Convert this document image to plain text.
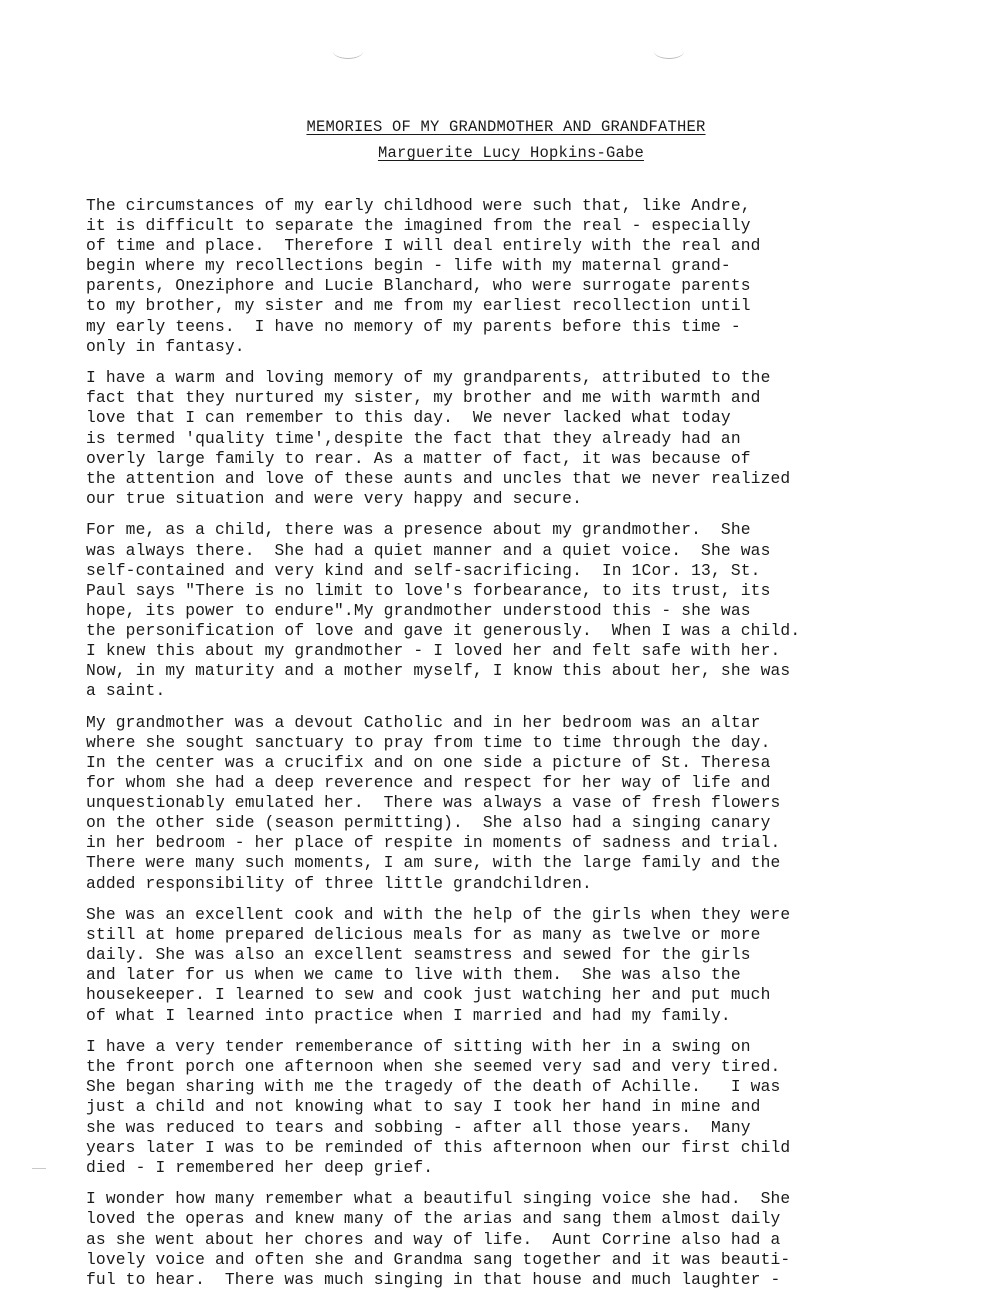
MEMORIES OF MY GRANDMOTHER AND GRANDFATHER
Marguerite Lucy Hopkins-Gabe
The circumstances of my early childhood were such that, like Andre,
it is difficult to separate the imagined from the real - especially
of time and place.  Therefore I will deal entirely with the real and
begin where my recollections begin - life with my maternal grand-
parents, Oneziphore and Lucie Blanchard, who were surrogate parents
to my brother, my sister and me from my earliest recollection until
my early teens.  I have no memory of my parents before this time -
only in fantasy.
I have a warm and loving memory of my grandparents, attributed to the
fact that they nurtured my sister, my brother and me with warmth and
love that I can remember to this day.  We never lacked what today
is termed 'quality time',despite the fact that they already had an
overly large family to rear. As a matter of fact, it was because of
the attention and love of these aunts and uncles that we never realized
our true situation and were very happy and secure.
For me, as a child, there was a presence about my grandmother.  She
was always there.  She had a quiet manner and a quiet voice.  She was
self-contained and very kind and self-sacrificing.  In 1Cor. 13, St.
Paul says "There is no limit to love's forbearance, to its trust, its
hope, its power to endure".My grandmother understood this - she was
the personification of love and gave it generously.  When I was a child.
I knew this about my grandmother - I loved her and felt safe with her.
Now, in my maturity and a mother myself, I know this about her, she was
a saint.
My grandmother was a devout Catholic and in her bedroom was an altar
where she sought sanctuary to pray from time to time through the day.
In the center was a crucifix and on one side a picture of St. Theresa
for whom she had a deep reverence and respect for her way of life and
unquestionably emulated her.  There was always a vase of fresh flowers
on the other side (season permitting).  She also had a singing canary
in her bedroom - her place of respite in moments of sadness and trial.
There were many such moments, I am sure, with the large family and the
added responsibility of three little grandchildren.
She was an excellent cook and with the help of the girls when they were
still at home prepared delicious meals for as many as twelve or more
daily. She was also an excellent seamstress and sewed for the girls
and later for us when we came to live with them.  She was also the
housekeeper. I learned to sew and cook just watching her and put much
of what I learned into practice when I married and had my family.
I have a very tender rememberance of sitting with her in a swing on
the front porch one afternoon when she seemed very sad and very tired.
She began sharing with me the tragedy of the death of Achille.   I was
just a child and not knowing what to say I took her hand in mine and
she was reduced to tears and sobbing - after all those years.  Many
years later I was to be reminded of this afternoon when our first child
died - I remembered her deep grief.
I wonder how many remember what a beautiful singing voice she had.  She
loved the operas and knew many of the arias and sang them almost daily
as she went about her chores and way of life.  Aunt Corrine also had a
lovely voice and often she and Grandma sang together and it was beauti-
ful to hear.  There was much singing in that house and much laughter -
